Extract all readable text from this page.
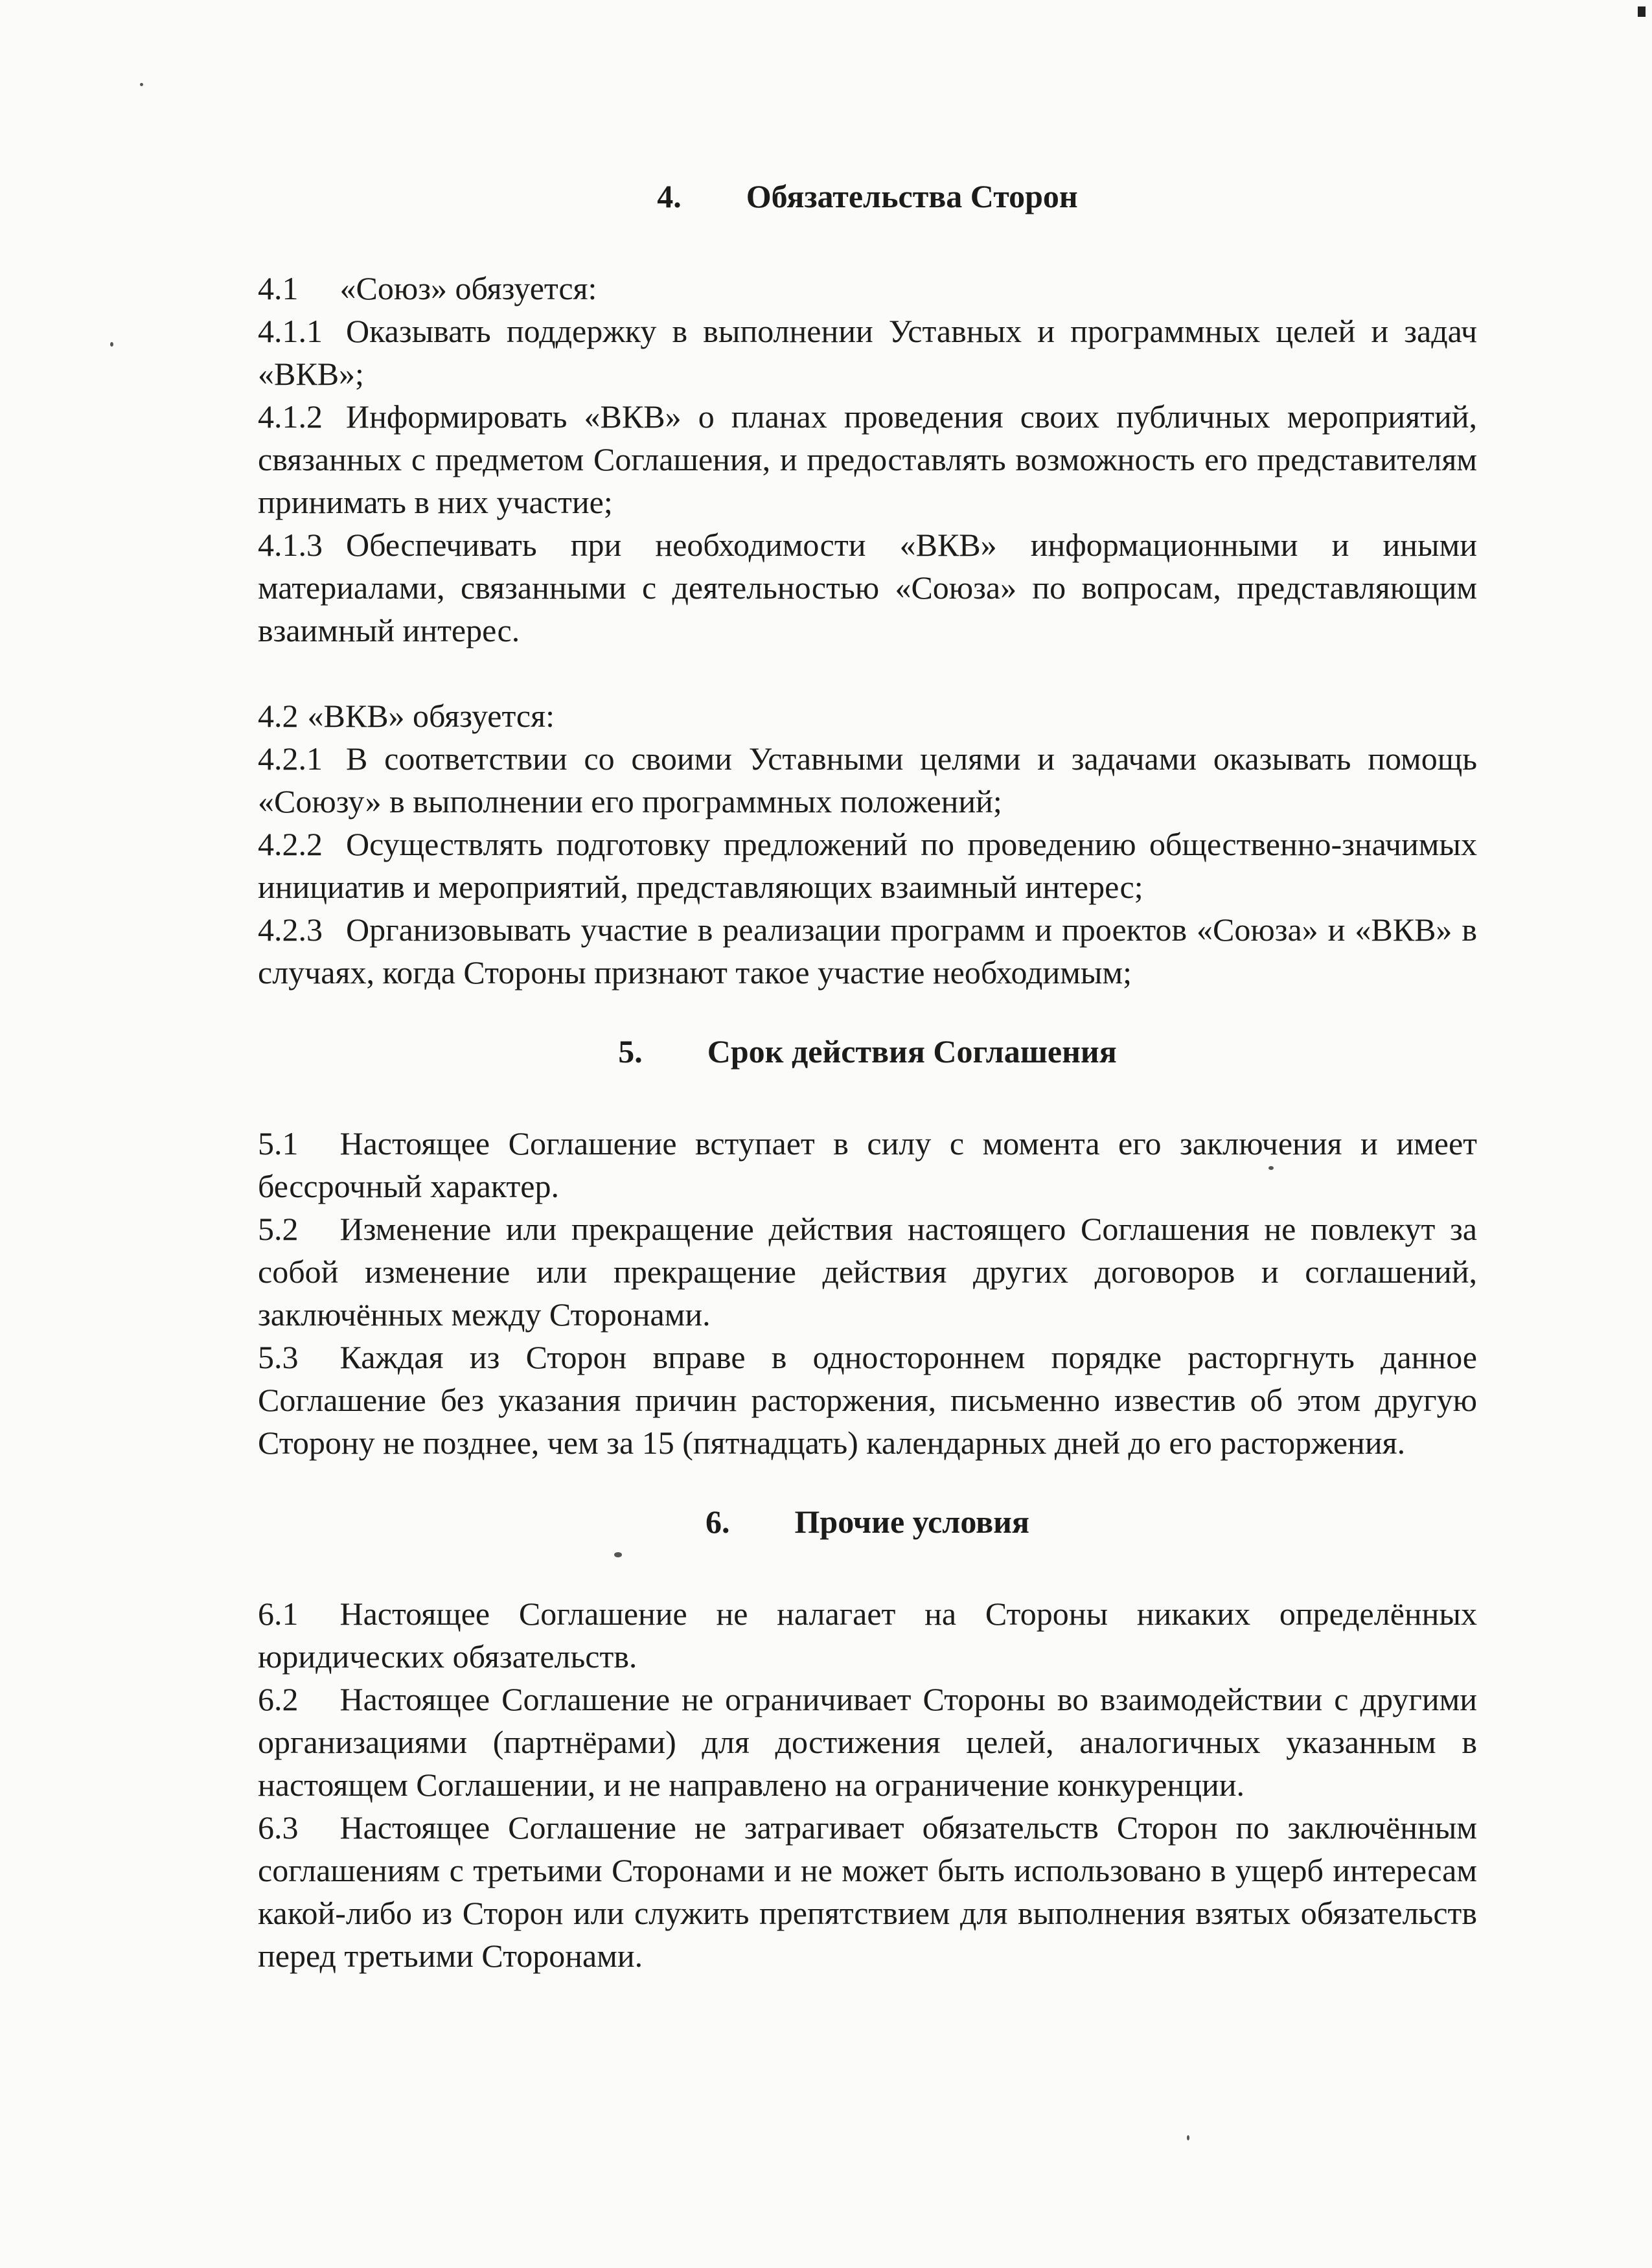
4. Обязательства Сторон

4.1 «Союз» обязуется:

4.1.1 Оказывать поддержку в выполнении Уставных и программных целей и задач «ВКВ»;

4.1.2 Информировать «ВКВ» о планах проведения своих публичных мероприятий, связанных с предметом Соглашения, и предоставлять возможность его представителям принимать в них участие;

4.1.3 Обеспечивать при необходимости «ВКВ» информационными и иными материалами, связанными с деятельностью «Союза» по вопросам, представляющим взаимный интерес.

4.2 «ВКВ» обязуется:

4.2.1 В соответствии со своими Уставными целями и задачами оказывать помощь «Союзу» в выполнении его программных положений;

4.2.2 Осуществлять подготовку предложений по проведению общественно-значимых инициатив и мероприятий, представляющих взаимный интерес;

4.2.3 Организовывать участие в реализации программ и проектов «Союза» и «ВКВ» в случаях, когда Стороны признают такое участие необходимым;

5. Срок действия Соглашения

5.1 Настоящее Соглашение вступает в силу с момента его заключения и имеет бессрочный характер.

5.2 Изменение или прекращение действия настоящего Соглашения не повлекут за собой изменение или прекращение действия других договоров и соглашений, заключённых между Сторонами.

5.3 Каждая из Сторон вправе в одностороннем порядке расторгнуть данное Соглашение без указания причин расторжения, письменно известив об этом другую Сторону не позднее, чем за 15 (пятнадцать) календарных дней до его расторжения.

6. Прочие условия

6.1 Настоящее Соглашение не налагает на Стороны никаких определённых юридических обязательств.

6.2 Настоящее Соглашение не ограничивает Стороны во взаимодействии с другими организациями (партнёрами) для достижения целей, аналогичных указанным в настоящем Соглашении, и не направлено на ограничение конкуренции.

6.3 Настоящее Соглашение не затрагивает обязательств Сторон по заключённым соглашениям с третьими Сторонами и не может быть использовано в ущерб интересам какой-либо из Сторон или служить препятствием для выполнения взятых обязательств перед третьими Сторонами.
